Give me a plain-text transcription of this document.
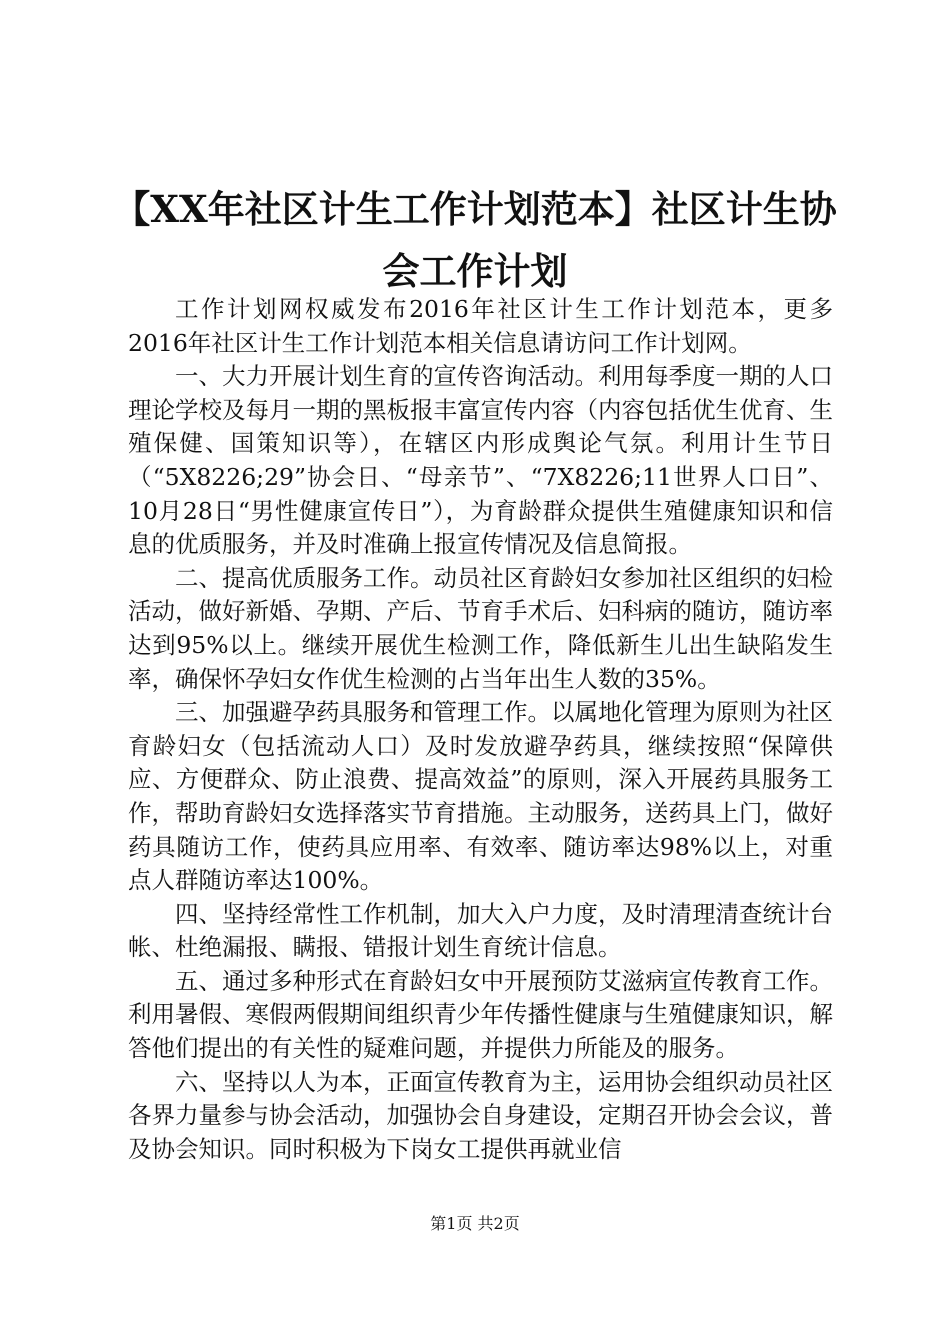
【XX年社区计生工作计划范本】社区计生协会工作计划

工作计划网权威发布2016年社区计生工作计划范本，更多2016年社区计生工作计划范本相关信息请访问工作计划网。

一、大力开展计划生育的宣传咨询活动。利用每季度一期的人口理论学校及每月一期的黑板报丰富宣传内容（内容包括优生优育、生殖保健、国策知识等），在辖区内形成舆论气氛。利用计生节日（“5X8226;29”协会日、“母亲节”、“7X8226;11世界人口日”、10月28日“男性健康宣传日”），为育龄群众提供生殖健康知识和信息的优质服务，并及时准确上报宣传情况及信息简报。

二、提高优质服务工作。动员社区育龄妇女参加社区组织的妇检活动，做好新婚、孕期、产后、节育手术后、妇科病的随访，随访率达到95%以上。继续开展优生检测工作，降低新生儿出生缺陷发生率，确保怀孕妇女作优生检测的占当年出生人数的35%。

三、加强避孕药具服务和管理工作。以属地化管理为原则为社区育龄妇女（包括流动人口）及时发放避孕药具，继续按照“保障供应、方便群众、防止浪费、提高效益”的原则，深入开展药具服务工作，帮助育龄妇女选择落实节育措施。主动服务，送药具上门，做好药具随访工作，使药具应用率、有效率、随访率达98%以上，对重点人群随访率达100%。

四、坚持经常性工作机制，加大入户力度，及时清理清查统计台帐、杜绝漏报、瞒报、错报计划生育统计信息。

五、通过多种形式在育龄妇女中开展预防艾滋病宣传教育工作。利用暑假、寒假两假期间组织青少年传播性健康与生殖健康知识，解答他们提出的有关性的疑难问题，并提供力所能及的服务。

六、坚持以人为本，正面宣传教育为主，运用协会组织动员社区各界力量参与协会活动，加强协会自身建设，定期召开协会会议，普及协会知识。同时积极为下岗女工提供再就业信

第1页 共2页
